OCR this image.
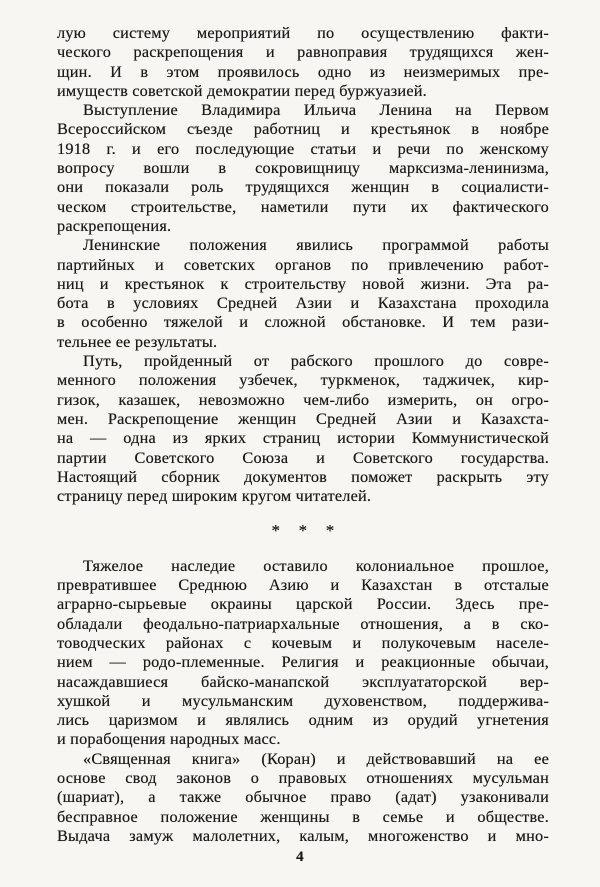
лую систему мероприятий по осуществлению факти-
ческого раскрепощения и равноправия трудящихся жен-
щин. И в этом проявилось одно из неизмеримых пре-
имуществ советской демократии перед буржуазией.
Выступление Владимира Ильича Ленина на Первом
Всероссийском съезде работниц и крестьянок в ноябре
1918 г. и его последующие статьи и речи по женскому
вопросу вошли в сокровищницу марксизма-ленинизма,
они показали роль трудящихся женщин в социалисти-
ческом строительстве, наметили пути их фактического
раскрепощения.
Ленинские положения явились программой работы
партийных и советских органов по привлечению работ-
ниц и крестьянок к строительству новой жизни. Эта ра-
бота в условиях Средней Азии и Казахстана проходила
в особенно тяжелой и сложной обстановке. И тем рази-
тельнее ее результаты.
Путь, пройденный от рабского прошлого до совре-
менного положения узбечек, туркменок, таджичек, кир-
гизок, казашек, невозможно чем-либо измерить, он огро-
мен. Раскрепощение женщин Средней Азии и Казахста-
на — одна из ярких страниц истории Коммунистической
партии Советского Союза и Советского государства.
Настоящий сборник документов поможет раскрыть эту
страницу перед широким кругом читателей.
* * *
Тяжелое наследие оставило колониальное прошлое,
превратившее Среднюю Азию и Казахстан в отсталые
аграрно-сырьевые окраины царской России. Здесь пре-
обладали феодально-патриархальные отношения, а в ско-
товодческих районах с кочевым и полукочевым населе-
нием — родо-племенные. Религия и реакционные обычаи,
насаждавшиеся байско-манапской эксплуататорской вер-
хушкой и мусульманским духовенством, поддержива-
лись царизмом и являлись одним из орудий угнетения
и порабощения народных масс.
«Священная книга» (Коран) и действовавший на ее
основе свод законов о правовых отношениях мусульман
(шариат), а также обычное право (адат) узаконивали
бесправное положение женщины в семье и обществе.
Выдача замуж малолетних, калым, многоженство и мно-
4
